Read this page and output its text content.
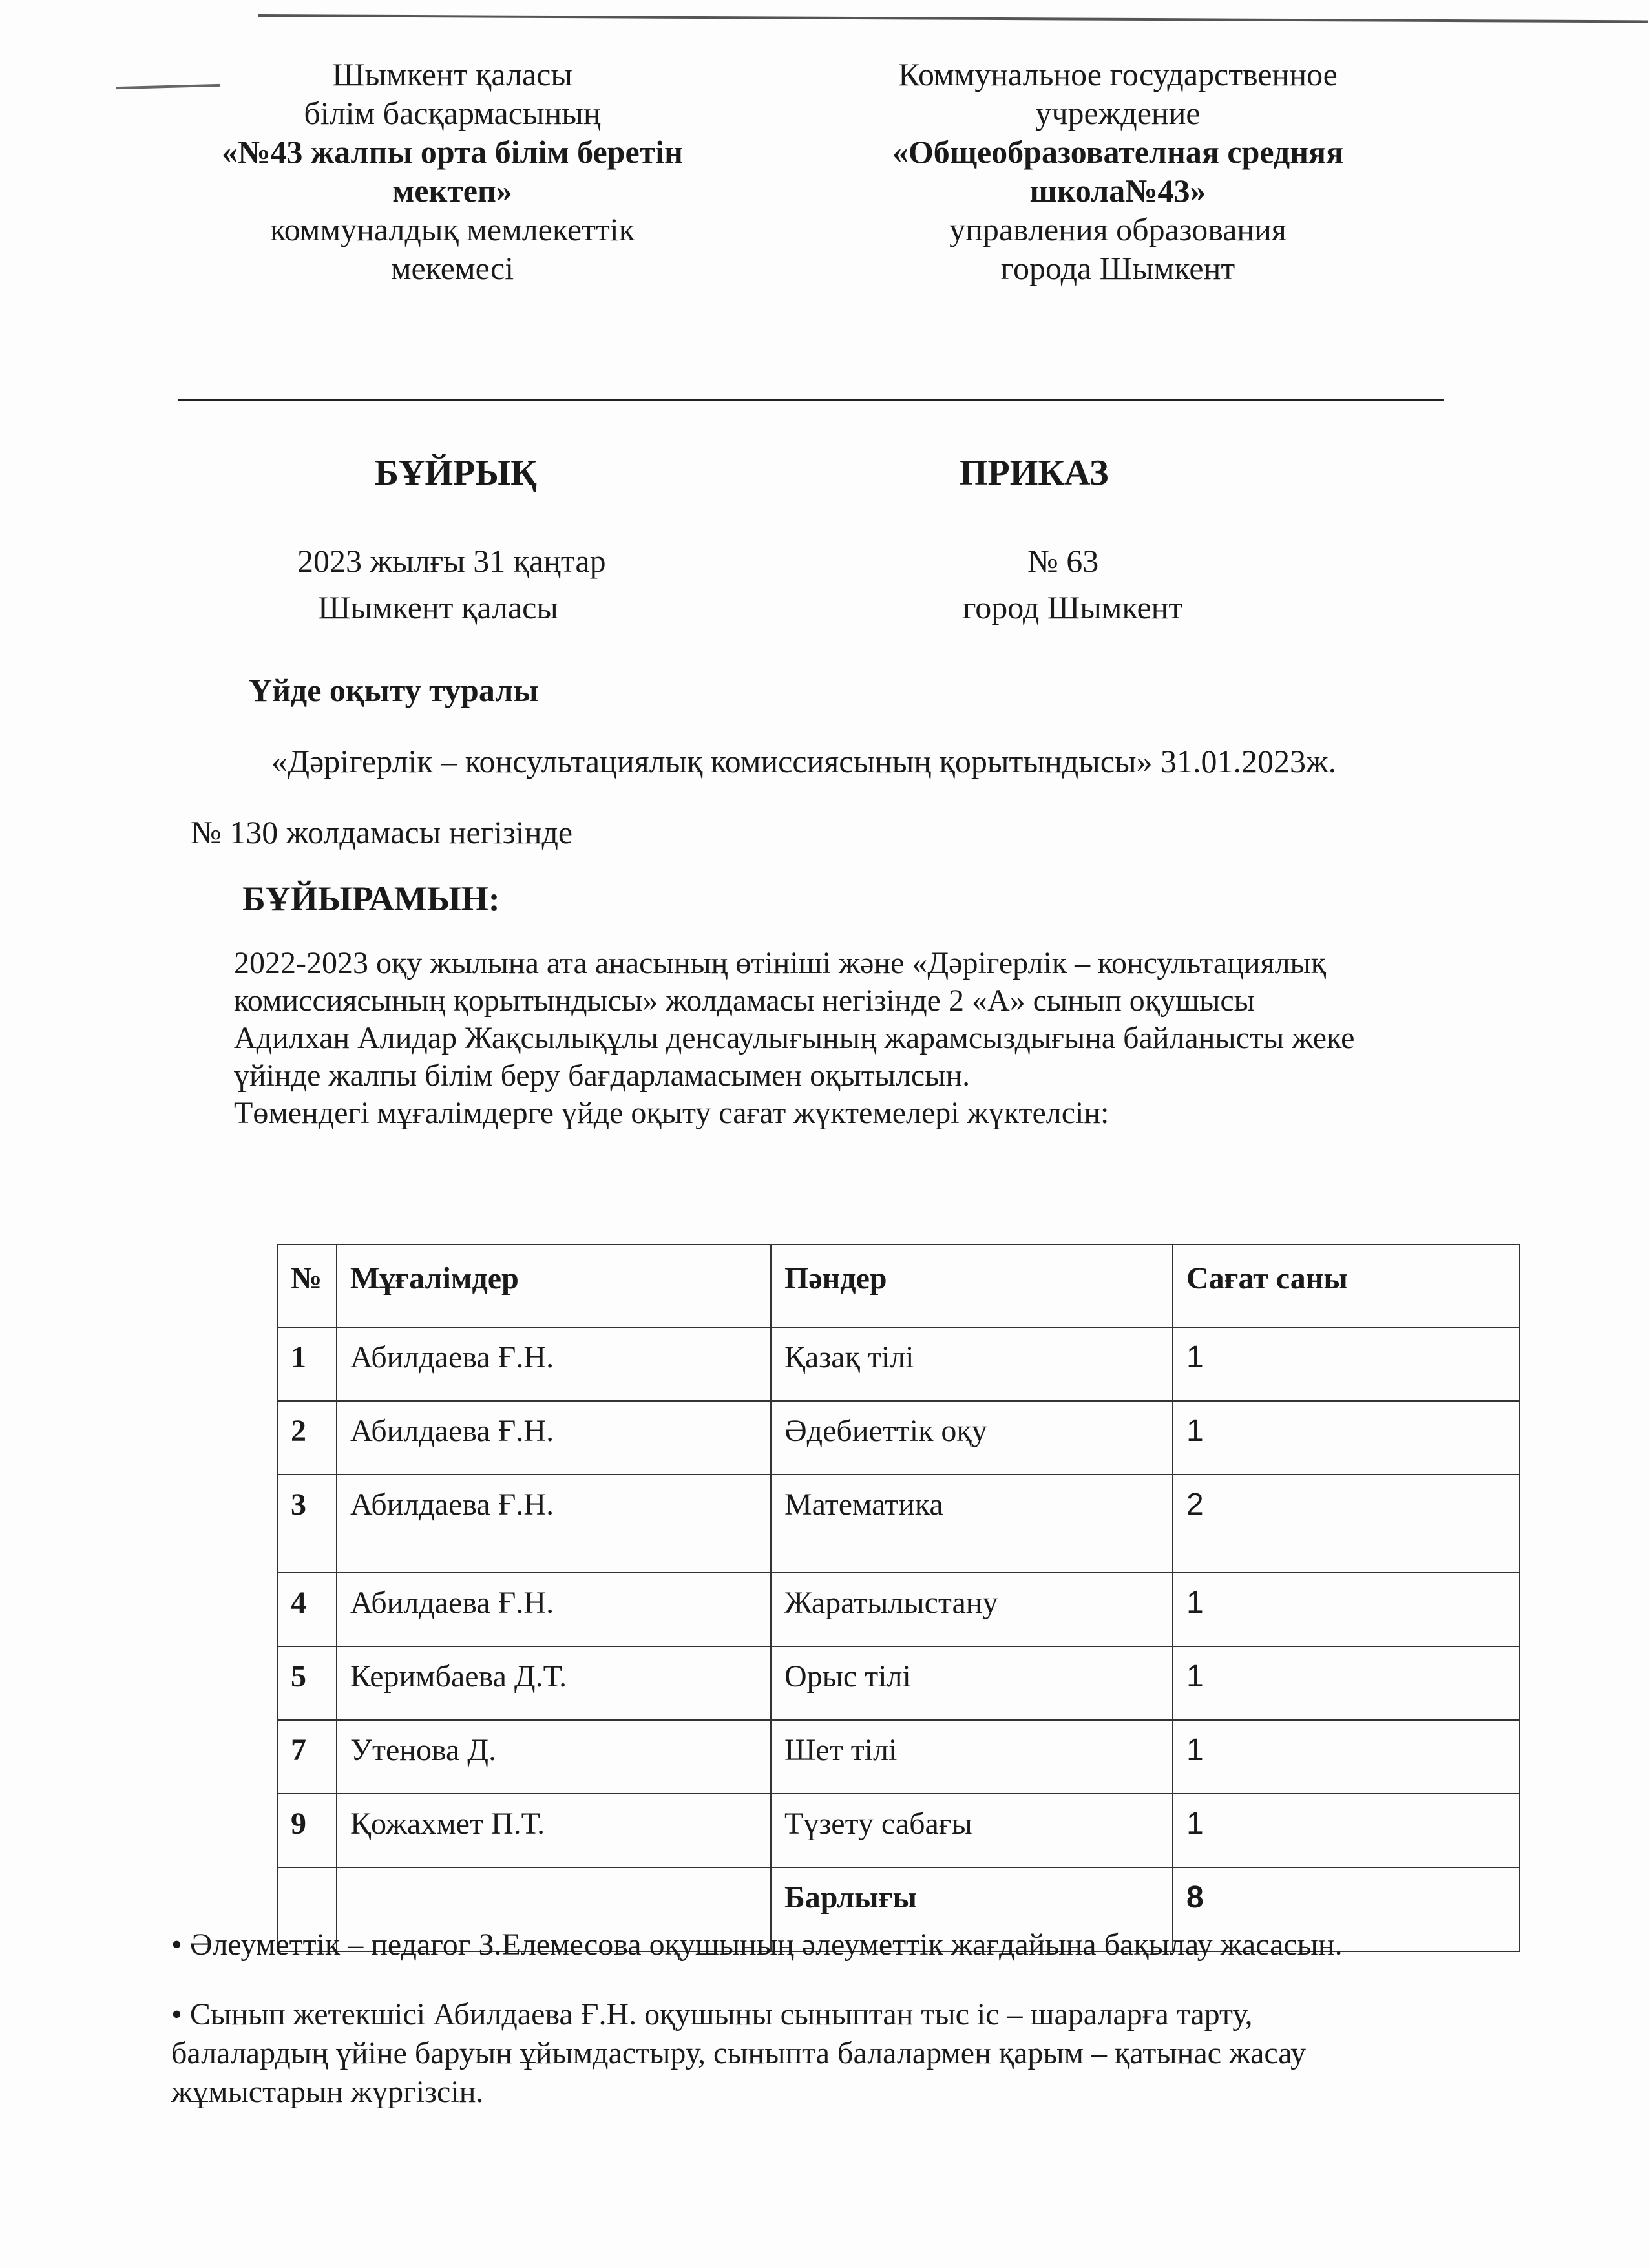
Шымкент қаласы
білім басқармасының
«№43 жалпы орта білім беретін
мектеп»
коммуналдық мемлекеттік
мекемесі
Коммунальное государственное
учреждение
«Общеобразователная средняя
школа№43»
управления образования
города Шымкент
БҰЙРЫҚ	ПРИКАЗ
2023 жылғы 31 қаңтар	№ 63
Шымкент қаласы	город Шымкент
Үйде оқыту туралы
«Дәрігерлік – консультациялық комиссиясының қорытындысы» 31.01.2023ж.
№ 130 жолдамасы негізінде
БҰЙЫРАМЫН:
2022-2023 оқу жылына ата анасының өтініші және «Дәрігерлік – консультациялық
комиссиясының қорытындысы» жолдамасы негізінде 2 «А» сынып оқушысы
Адилхан Алидар Жақсылықұлы денсаулығының жарамсыздығына байланысты жеке
үйінде жалпы білім беру бағдарламасымен оқытылсын.
Төмендегі мұғалімдерге үйде оқыту сағат жүктемелері жүктелсін:
№	Мұғалімдер	Пәндер	Сағат саны
1	Абилдаева Ғ.Н.	Қазақ тілі	1
2	Абилдаева Ғ.Н.	Әдебиеттік оқу	1
3	Абилдаева Ғ.Н.	Математика	2
4	Абилдаева Ғ.Н.	Жаратылыстану	1
5	Керимбаева Д.Т.	Орыс тілі	1
7	Утенова Д.	Шет тілі	1
9	Қожахмет П.Т.	Түзету сабағы	1
		Барлығы	8
• Әлеуметтік – педагог З.Елемесова оқушының әлеуметтік жағдайына бақылау жасасын.
• Сынып жетекшісі Абилдаева Ғ.Н. оқушыны сыныптан тыс іс – шараларға тарту,
балалардың үйіне баруын ұйымдастыру, сыныпта балалармен қарым – қатынас жасау
жұмыстарын жүргізсін.
